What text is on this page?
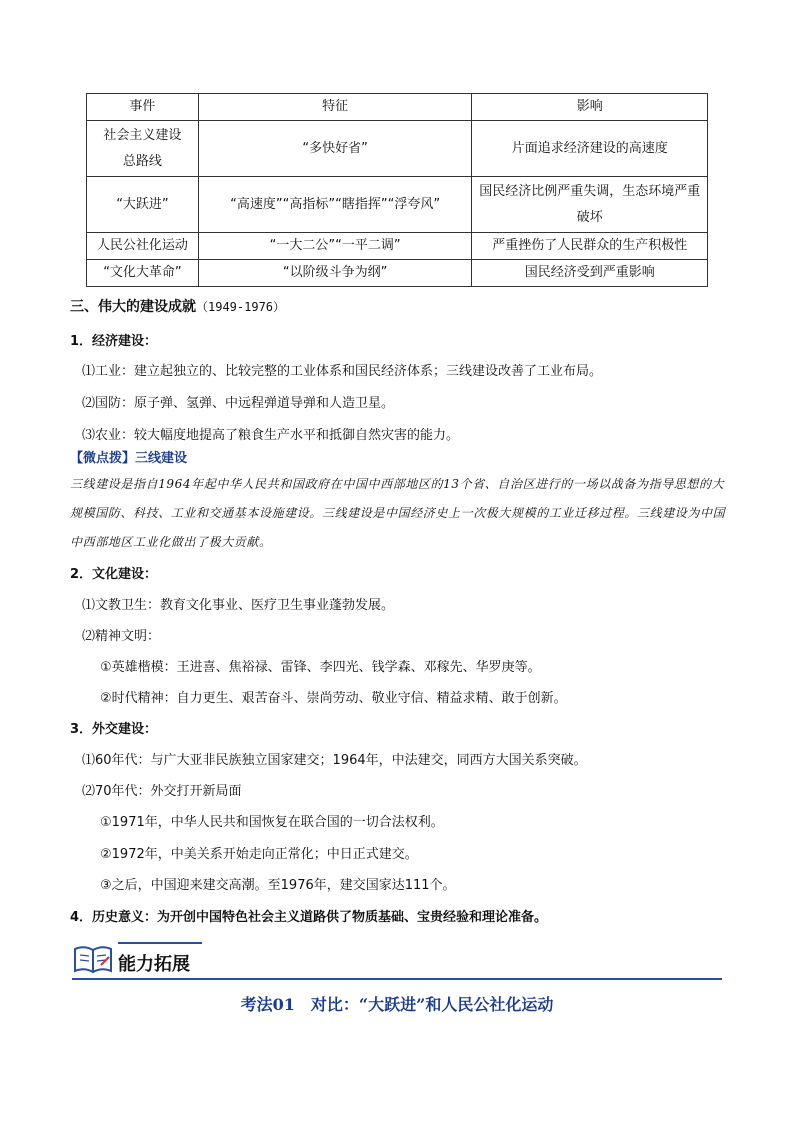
事件	特征	影响
社会主义建设总路线	“多快好省”	片面追求经济建设的高速度
“大跃进”	“高速度”“高指标”“瞎指挥”“浮夸风”	国民经济比例严重失调，生态环境严重破坏
人民公社化运动	“一大二公”“一平二调”	严重挫伤了人民群众的生产积极性
“文化大革命”	“以阶级斗争为纲”	国民经济受到严重影响
三、伟大的建设成就（1949-1976）
1．经济建设：
⑴工业：建立起独立的、比较完整的工业体系和国民经济体系；三线建设改善了工业布局。
⑵国防：原子弹、氢弹、中远程弹道导弹和人造卫星。
⑶农业：较大幅度地提高了粮食生产水平和抵御自然灾害的能力。
【微点拨】三线建设
三线建设是指自1964年起中华人民共和国政府在中国中西部地区的13个省、自治区进行的一场以战备为指导思想的大规模国防、科技、工业和交通基本设施建设。三线建设是中国经济史上一次极大规模的工业迁移过程。三线建设为中国中西部地区工业化做出了极大贡献。
2．文化建设：
⑴文教卫生：教育文化事业、医疗卫生事业蓬勃发展。
⑵精神文明：
①英雄楷模：王进喜、焦裕禄、雷锋、李四光、钱学森、邓稼先、华罗庚等。
②时代精神：自力更生、艰苦奋斗、崇尚劳动、敬业守信、精益求精、敢于创新。
3．外交建设：
⑴60年代：与广大亚非民族独立国家建交；1964年，中法建交，同西方大国关系突破。
⑵70年代：外交打开新局面
①1971年，中华人民共和国恢复在联合国的一切合法权利。
②1972年，中美关系开始走向正常化；中日正式建交。
③之后，中国迎来建交高潮。至1976年，建交国家达111个。
4．历史意义：为开创中国特色社会主义道路供了物质基础、宝贵经验和理论准备。
能力拓展
考法01　对比：“大跃进”和人民公社化运动
